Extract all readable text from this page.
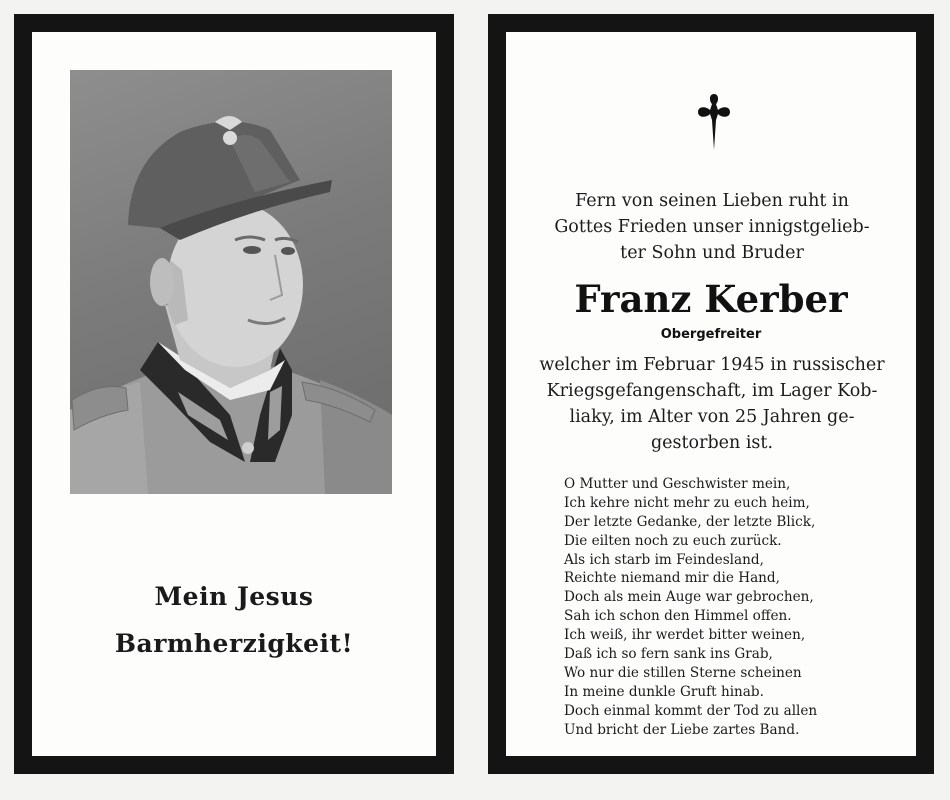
Mein Jesus
Barmherzigkeit!
Fern von seinen Lieben ruht in
Gottes Frieden unser innigstgelieb-
ter Sohn und Bruder
Franz Kerber
Obergefreiter
welcher im Februar 1945 in russischer
Kriegsgefangenschaft, im Lager Kob-
liaky, im Alter von 25 Jahren ge-
gestorben ist.
O Mutter und Geschwister mein,
Ich kehre nicht mehr zu euch heim,
Der letzte Gedanke, der letzte Blick,
Die eilten noch zu euch zurück.
Als ich starb im Feindesland,
Reichte niemand mir die Hand,
Doch als mein Auge war gebrochen,
Sah ich schon den Himmel offen.
Ich weiß, ihr werdet bitter weinen,
Daß ich so fern sank ins Grab,
Wo nur die stillen Sterne scheinen
In meine dunkle Gruft hinab.
Doch einmal kommt der Tod zu allen
Und bricht der Liebe zartes Band.
